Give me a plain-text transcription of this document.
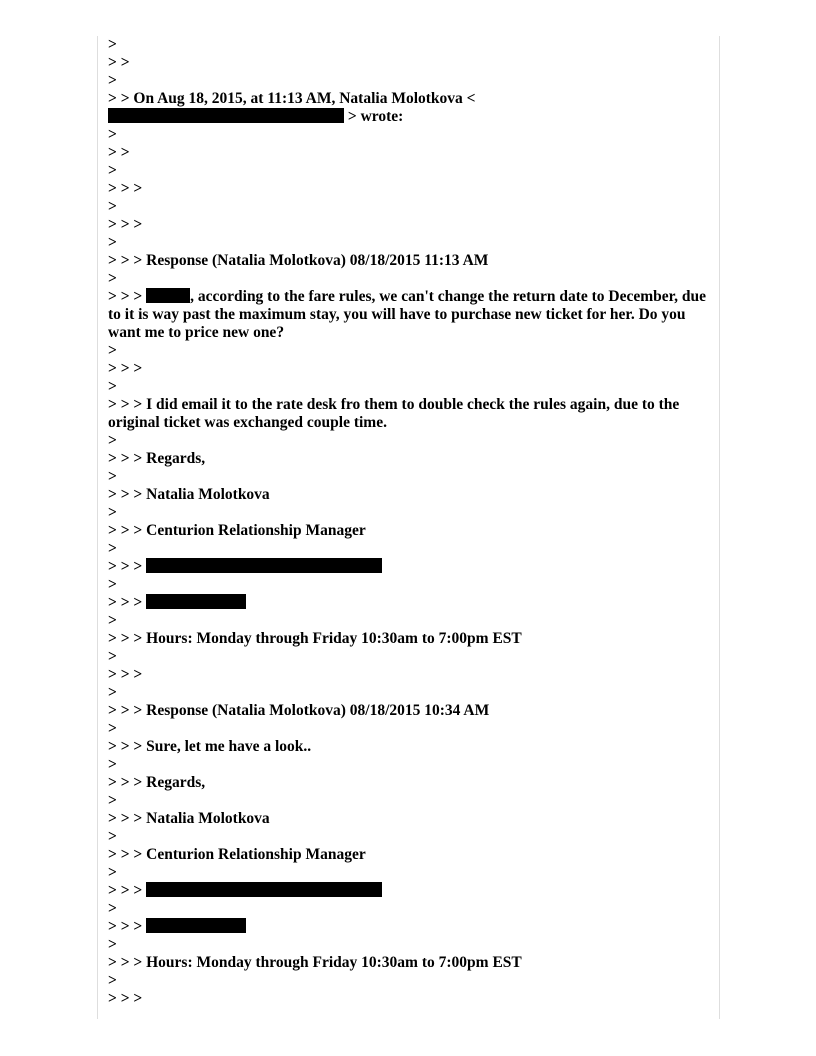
>
> >
>
> > On Aug 18, 2015, at 11:13 AM, Natalia Molotkova <
> wrote:
>
> >
>
> > >
>
> > >
>
> > > Response (Natalia Molotkova) 08/18/2015 11:13 AM
>
> > >	, according to the fare rules, we can't change the return date to December, due to it is way past the maximum stay, you will have to purchase new ticket for her. Do you want me to price new one?
>
> > >
>
> > > I did email it to the rate desk fro them to double check the rules again, due to the original ticket was exchanged couple time.
>
> > > Regards,
>
> > > Natalia Molotkova
>
> > > Centurion Relationship Manager
>
> > >
>
> > >
>
> > > Hours: Monday through Friday 10:30am to 7:00pm EST
>
> > >
>
> > > Response (Natalia Molotkova) 08/18/2015 10:34 AM
>
> > > Sure, let me have a look..
>
> > > Regards,
>
> > > Natalia Molotkova
>
> > > Centurion Relationship Manager
>
> > >
>
> > >
>
> > > Hours: Monday through Friday 10:30am to 7:00pm EST
>
> > >
